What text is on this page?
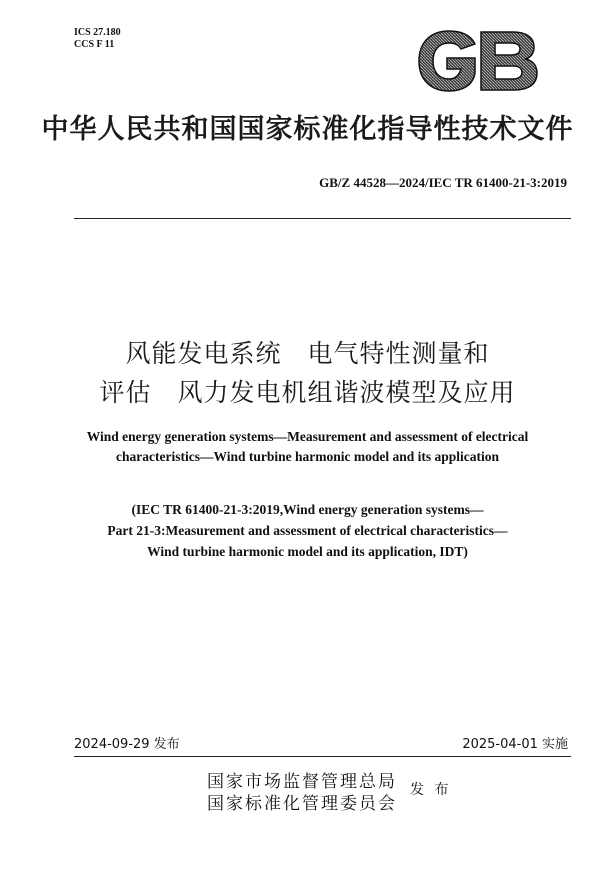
ICS 27.180
CCS F 11
中华人民共和国国家标准化指导性技术文件
GB/Z 44528—2024/IEC TR 61400-21-3:2019
风能发电系统　电气特性测量和
评估　风力发电机组谐波模型及应用
Wind energy generation systems—Measurement and assessment of electrical
characteristics—Wind turbine harmonic model and its application
(IEC TR 61400-21-3:2019,Wind energy generation systems—
Part 21-3:Measurement and assessment of electrical characteristics—
Wind turbine harmonic model and its application, IDT)
2024-09-29 发布	2025-04-01 实施
国家市场监督管理总局
国家标准化管理委员会
发 布
